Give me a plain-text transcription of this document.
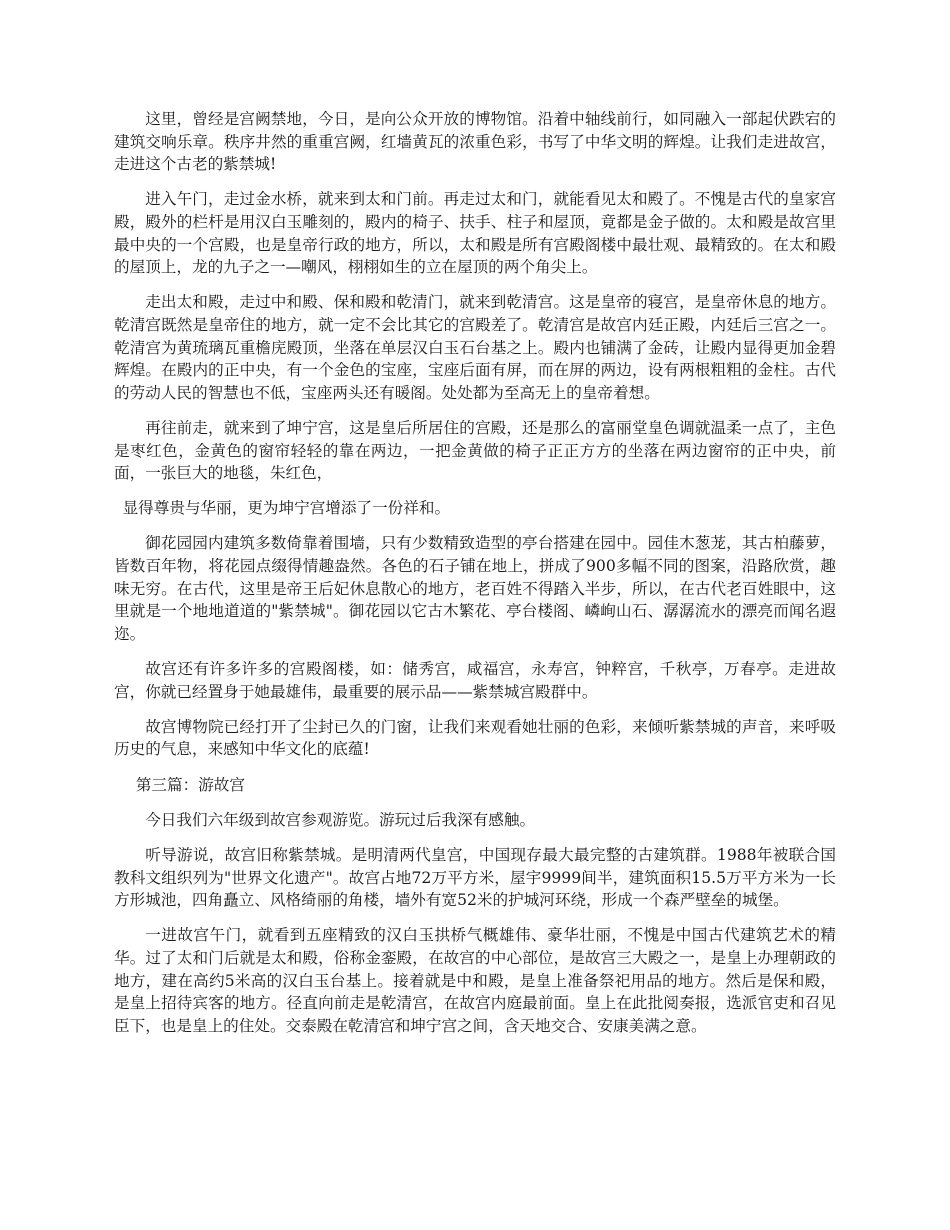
这里，曾经是宫阙禁地，今日，是向公众开放的博物馆。沿着中轴线前行，如同融入一部起伏跌宕的建筑交响乐章。秩序井然的重重宫阙，红墙黄瓦的浓重色彩，书写了中华文明的辉煌。让我们走进故宫，走进这个古老的紫禁城!

进入午门，走过金水桥，就来到太和门前。再走过太和门，就能看见太和殿了。不愧是古代的皇家宫殿，殿外的栏杆是用汉白玉雕刻的，殿内的椅子、扶手、柱子和屋顶，竟都是金子做的。太和殿是故宫里最中央的一个宫殿，也是皇帝行政的地方，所以，太和殿是所有宫殿阁楼中最壮观、最精致的。在太和殿的屋顶上，龙的九子之一—嘲风，栩栩如生的立在屋顶的两个角尖上。

走出太和殿，走过中和殿、保和殿和乾清门，就来到乾清宫。这是皇帝的寝宫，是皇帝休息的地方。乾清宫既然是皇帝住的地方，就一定不会比其它的宫殿差了。乾清宫是故宫内廷正殿，内廷后三宫之一。乾清宫为黄琉璃瓦重檐庑殿顶，坐落在单层汉白玉石台基之上。殿内也铺满了金砖，让殿内显得更加金碧辉煌。在殿内的正中央，有一个金色的宝座，宝座后面有屏，而在屏的两边，设有两根粗粗的金柱。古代的劳动人民的智慧也不低，宝座两头还有暖阁。处处都为至高无上的皇帝着想。

再往前走，就来到了坤宁宫，这是皇后所居住的宫殿，还是那么的富丽堂皇色调就温柔一点了，主色是枣红色，金黄色的窗帘轻轻的靠在两边，一把金黄做的椅子正正方方的坐落在两边窗帘的正中央，前面，一张巨大的地毯，朱红色，

显得尊贵与华丽，更为坤宁宫增添了一份祥和。

御花园园内建筑多数倚靠着围墙，只有少数精致造型的亭台搭建在园中。园佳木葱茏，其古柏藤萝，皆数百年物，将花园点缀得情趣盎然。各色的石子铺在地上，拼成了900多幅不同的图案，沿路欣赏，趣味无穷。在古代，这里是帝王后妃休息散心的地方，老百姓不得踏入半步，所以，在古代老百姓眼中，这里就是一个地地道道的"紫禁城"。御花园以它古木繁花、亭台楼阁、嶙峋山石、潺潺流水的漂亮而闻名遐迩。

故宫还有许多许多的宫殿阁楼，如：储秀宫，咸福宫，永寿宫，钟粹宫，千秋亭，万春亭。走进故宫，你就已经置身于她最雄伟，最重要的展示品——紫禁城宫殿群中。

故宫博物院已经打开了尘封已久的门窗，让我们来观看她壮丽的色彩，来倾听紫禁城的声音，来呼吸历史的气息，来感知中华文化的底蕴!

第三篇：游故宫

今日我们六年级到故宫参观游览。游玩过后我深有感触。

听导游说，故宫旧称紫禁城。是明清两代皇宫，中国现存最大最完整的古建筑群。1988年被联合国教科文组织列为"世界文化遗产"。故宫占地72万平方米，屋宇9999间半，建筑面积15.5万平方米为一长方形城池，四角矗立、风格绮丽的角楼，墙外有宽52米的护城河环绕，形成一个森严壁垒的城堡。

一进故宫午门，就看到五座精致的汉白玉拱桥气概雄伟、豪华壮丽，不愧是中国古代建筑艺术的精华。过了太和门后就是太和殿，俗称金銮殿，在故宫的中心部位，是故宫三大殿之一，是皇上办理朝政的地方，建在高约5米高的汉白玉台基上。接着就是中和殿，是皇上准备祭祀用品的地方。然后是保和殿，是皇上招待宾客的地方。径直向前走是乾清宫，在故宫内庭最前面。皇上在此批阅奏报，选派官吏和召见臣下，也是皇上的住处。交泰殿在乾清宫和坤宁宫之间，含天地交合、安康美满之意。
